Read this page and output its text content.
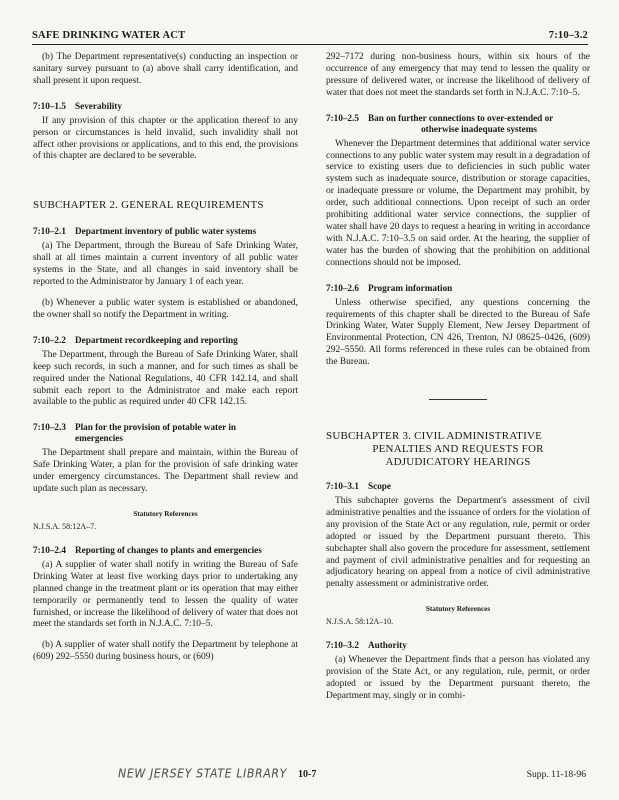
SAFE DRINKING WATER ACT	7:10–3.2

(b) The Department representative(s) conducting an inspection or sanitary survey pursuant to (a) above shall carry identification, and shall present it upon request.

7:10–1.5 Severability

If any provision of this chapter or the application thereof to any person or circumstances is held invalid, such invalidity shall not affect other provisions or applications, and to this end, the provisions of this chapter are declared to be severable.

SUBCHAPTER 2. GENERAL REQUIREMENTS
7:10–2.1 Department inventory of public water systems

(a) The Department, through the Bureau of Safe Drinking Water, shall at all times maintain a current inventory of all public water systems in the State, and all changes in said inventory shall be reported to the Administrator by January 1 of each year.

(b) Whenever a public water system is established or abandoned, the owner shall so notify the Department in writing.

7:10–2.2 Department recordkeeping and reporting

The Department, through the Bureau of Safe Drinking Water, shall keep such records, in such a manner, and for such times as shall be required under the National Regulations, 40 CFR 142.14, and shall submit each report to the Administrator and make each report available to the public as required under 40 CFR 142.15.

7:10–2.3 Plan for the provision of potable water in
emergencies

The Department shall prepare and maintain, within the Bureau of Safe Drinking Water, a plan for the provision of safe drinking water under emergency circumstances. The Department shall review and update such plan as necessary.

Statutory References

N.J.S.A. 58:12A–7.

7:10–2.4 Reporting of changes to plants and emergencies

(a) A supplier of water shall notify in writing the Bureau of Safe Drinking Water at least five working days prior to undertaking any planned change in the treatment plant or its operation that may either temporarily or permanently tend to lessen the quality of water furnished, or increase the likelihood of delivery of water that does not meet the standards set forth in N.J.A.C. 7:10–5.

(b) A supplier of water shall notify the Department by telephone at (609) 292–5550 during business hours, or (609)

292–7172 during non-business hours, within six hours of the occurrence of any emergency that may tend to lessen the quality or pressure of delivered water, or increase the likelihood of delivery of water that does not meet the standards set forth in N.J.A.C. 7:10–5.

7:10–2.5 Ban on further connections to over-extended or
otherwise inadequate systems

Whenever the Department determines that additional water service connections to any public water system may result in a degradation of service to existing users due to deficiencies in such public water system such as inadequate source, distribution or storage capacities, or inadequate pressure or volume, the Department may prohibit, by order, such additional connections. Upon receipt of such an order prohibiting additional water service connections, the supplier of water shall have 20 days to request a hearing in writing in accordance with N.J.A.C. 7:10–3.5 on said order. At the hearing, the supplier of water has the burden of showing that the prohibition on additional connections should not be imposed.

7:10–2.6 Program information

Unless otherwise specified, any questions concerning the requirements of this chapter shall be directed to the Bureau of Safe Drinking Water, Water Supply Element, New Jersey Department of Environmental Protection, CN 426, Trenton, NJ 08625–0426, (609) 292–5550. All forms referenced in these rules can be obtained from the Bureau.

SUBCHAPTER 3. CIVIL ADMINISTRATIVE
PENALTIES AND REQUESTS FOR
ADJUDICATORY HEARINGS
7:10–3.1 Scope

This subchapter governs the Department's assessment of civil administrative penalties and the issuance of orders for the violation of any provision of the State Act or any regulation, rule, permit or order adopted or issued by the Department pursuant thereto. This subchapter shall also govern the procedure for assessment, settlement and payment of civil administrative penalties and for requesting an adjudicatory hearing on appeal from a notice of civil administrative penalty assessment or administrative order.

Statutory References

N.J.S.A. 58:12A–10.

7:10–3.2 Authority

(a) Whenever the Department finds that a person has violated any provision of the State Act, or any regulation, rule, permit, or order adopted or issued by the Department pursuant thereto, the Department may, singly or in combi-

NEW JERSEY STATE LIBRARY 10-7	Supp. 11-18-96
